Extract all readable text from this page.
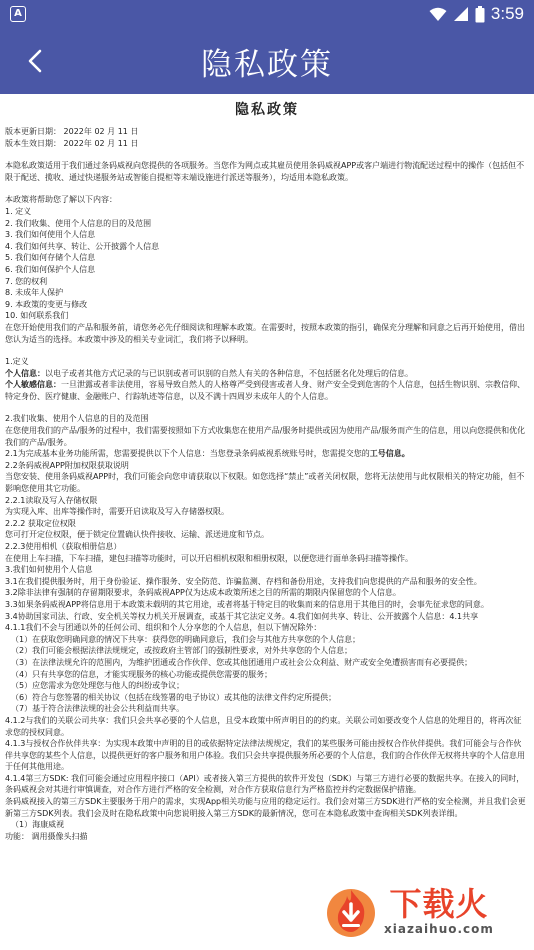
A	3:59
隐私政策
隐私政策
版本更新日期： 2022年 02 月 11 日
版本生效日期： 2022年 02 月 11 日
本隐私政策适用于我们通过条码威视向您提供的各项服务。当您作为网点或其雇员使用条码威视APP或客户端进行物流配送过程中的操作（包括但不限于配送、揽收、通过快递服务站或智能自提柜等末端设施进行派送等服务），均适用本隐私政策。
本政策将帮助您了解以下内容：
1. 定义
2. 我们收集、使用个人信息的目的及范围
3. 我们如何使用个人信息
4. 我们如何共享、转让、公开披露个人信息
5. 我们如何存储个人信息
6. 我们如何保护个人信息
7. 您的权利
8. 未成年人保护
9. 本政策的变更与修改
10. 如何联系我们
在您开始使用我们的产品和服务前，请您务必先仔细阅读和理解本政策。在需要时，按照本政策的指引，确保充分理解和同意之后再开始使用，借出您认为适当的选择。本政策中涉及的相关专业词汇，我们将予以释明。
1.定义
个人信息：以电子或者其他方式记录的与已识别或者可识别的自然人有关的各种信息，不包括匿名化处理后的信息。
个人敏感信息：一旦泄露或者非法使用，容易导致自然人的人格尊严受到侵害或者人身、财产安全受到危害的个人信息，包括生物识别、宗教信仰、特定身份、医疗健康、金融账户、行踪轨迹等信息，以及不满十四周岁未成年人的个人信息。
2.我们收集、使用个人信息的目的及范围
在您使用我们的产品/服务的过程中，我们需要按照如下方式收集您在使用产品/服务时提供或因为使用产品/服务而产生的信息，用以向您提供和优化我们的产品/服务。
2.1为完成基本业务功能所需，您需要提供以下个人信息：当您登录条码威视系统账号时，您需提交您的工号信息。
2.2条码威视APP附加权限获取说明
当您安装、使用条码威视APP时，我们可能会向您申请获取以下权限。如您选择“禁止”或者关闭权限，您将无法使用与此权限相关的特定功能，但不影响您使用其它功能。
2.2.1读取及写入存储权限
为实现入库、出库等操作时，需要开启读取及写入存储器权限。
2.2.2 获取定位权限
您可打开定位权限，便于锁定位置确认快件接收、运输、派送进度和节点。
2.2.3使用相机（获取相册信息）
在使用上车扫描，下车扫描，建包扫描等功能时，可以开启相机权限和相册权限，以便您进行面单条码扫描等操作。
3.我们如何使用个人信息
3.1在我们提供服务时，用于身份验证、操作服务、安全防范、诈骗监测、存档和备份用途，支持我们向您提供的产品和服务的安全性。
3.2除非法律有强制的存留期限要求，条码威视APP仅为达成本政策所述之目的所需的期限内保留您的个人信息。
3.3如果条码威视APP将信息用于本政策未载明的其它用途，或者将基于特定目的收集而来的信息用于其他目的时，会事先征求您的同意。
3.4协助国家司法、行政、安全机关等权力机关开展调查，或基于其它法定义务。4.我们如何共享、转让、公开披露个人信息：4.1共享
4.1.1我们不会与团通以外的任何公司、组织和个人分享您的个人信息，但以下情况除外：
（1）在获取您明确同意的情况下共享：获得您的明确同意后，我们会与其他方共享您的个人信息；
（2）我们可能会根据法律法规规定，或按政府主管部门的强制性要求，对外共享您的个人信息；
（3）在法律法规允许的范围内，为维护团通或合作伙伴、您或其他团通用户或社会公众利益、财产或安全免遭损害而有必要提供；
（4）只有共享您的信息，才能实现服务的核心功能或提供您需要的服务；
（5）应您需求为您处理您与他人的纠纷或争议；
（6）符合与您签署的相关协议（包括在线签署的电子协议）或其他的法律文件约定所提供；
（7）基于符合法律法规的社会公共利益而共享。
4.1.2与我们的关联公司共享：我们只会共享必要的个人信息，且受本政策中所声明目的的约束。关联公司如要改变个人信息的处理目的，将再次征求您的授权同意。
4.1.3与授权合作伙伴共享：为实现本政策中声明的目的或依据特定法律法规规定，我们的某些服务可能由授权合作伙伴提供。我们可能会与合作伙伴共享您的某些个人信息，以提供更好的客户服务和用户体验。我们只会共享提供服务所必要的个人信息，我们的合作伙伴无权将共享的个人信息用于任何其他用途。
4.1.4第三方SDK: 我们可能会通过应用程序接口（API）或者接入第三方提供的软件开发包（SDK）与第三方进行必要的数据共享。在接入的同时，条码威视会对其进行审慎调查，对合作方进行严格的安全检测，对合作方获取信息行为严格监控并约定数据保护措施。
条码威视接入的第三方SDK主要服务于用户的需求，实现App相关功能与应用的稳定运行。我们会对第三方SDK进行严格的安全检测，并且我们会更新第三方SDK列表。我们会及时在隐私政策中向您说明接入第三方SDK的最新情况，您可在本隐私政策中查询相关SDK列表详细。
（1）海康威视
功能： 调用摄像头扫描
下载火
xiazaihuo.com
